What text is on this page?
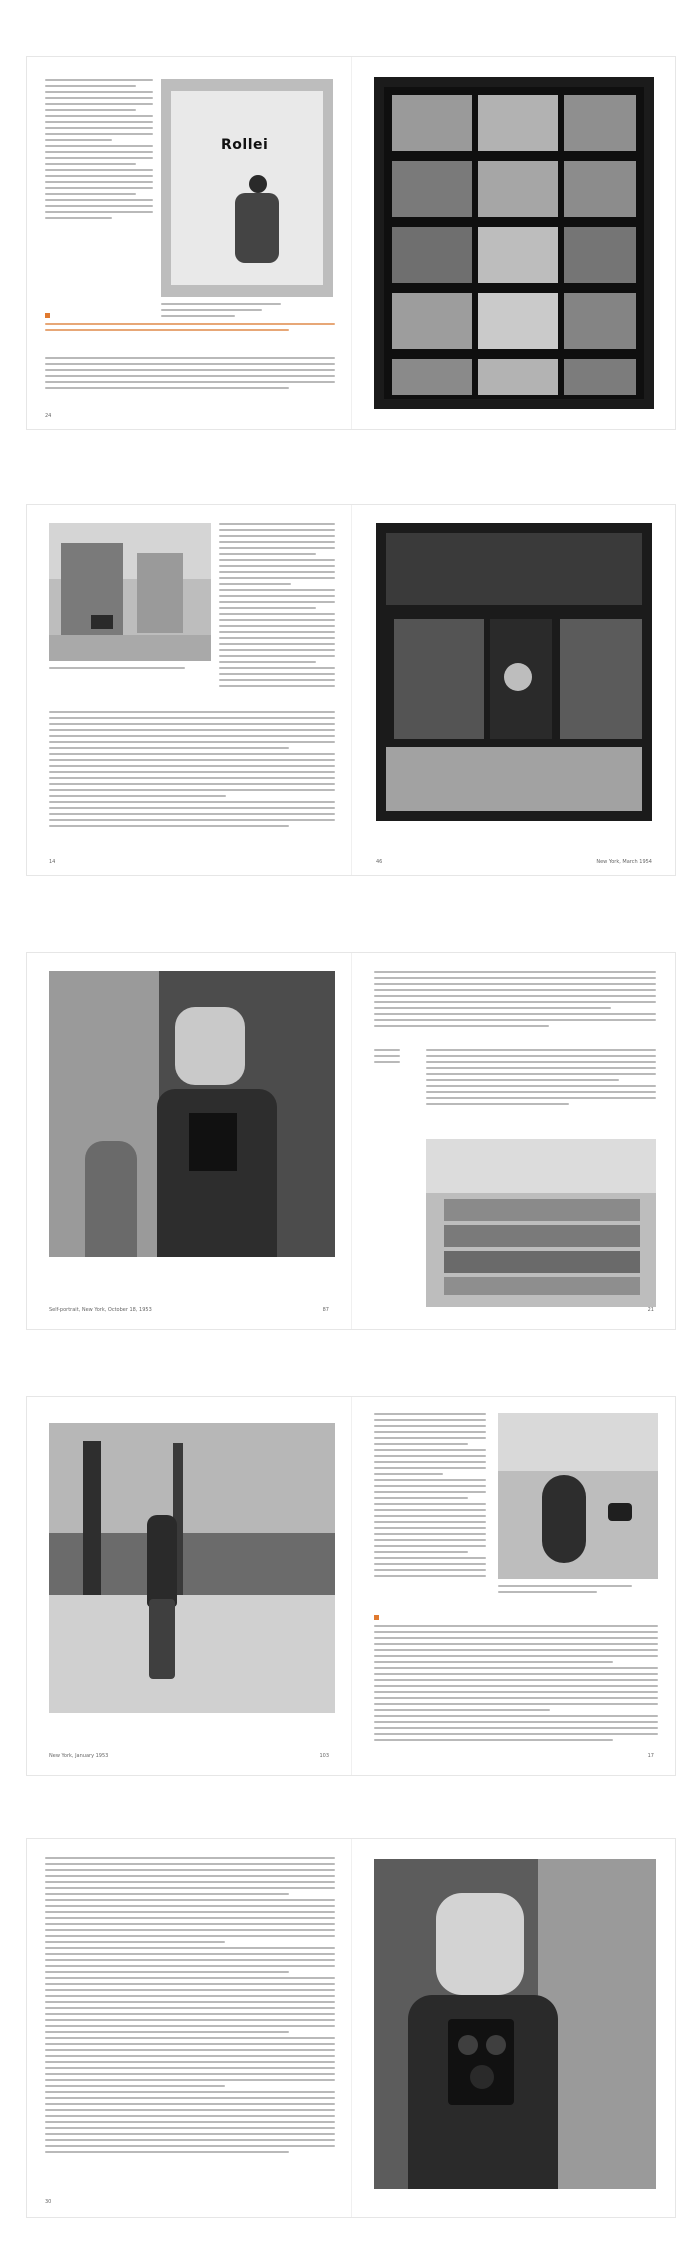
Rollei
24
14	46	New York, March 1954
Self-portrait, New York, October 18, 1953	87	21
New York, January 1953	103	17
30
